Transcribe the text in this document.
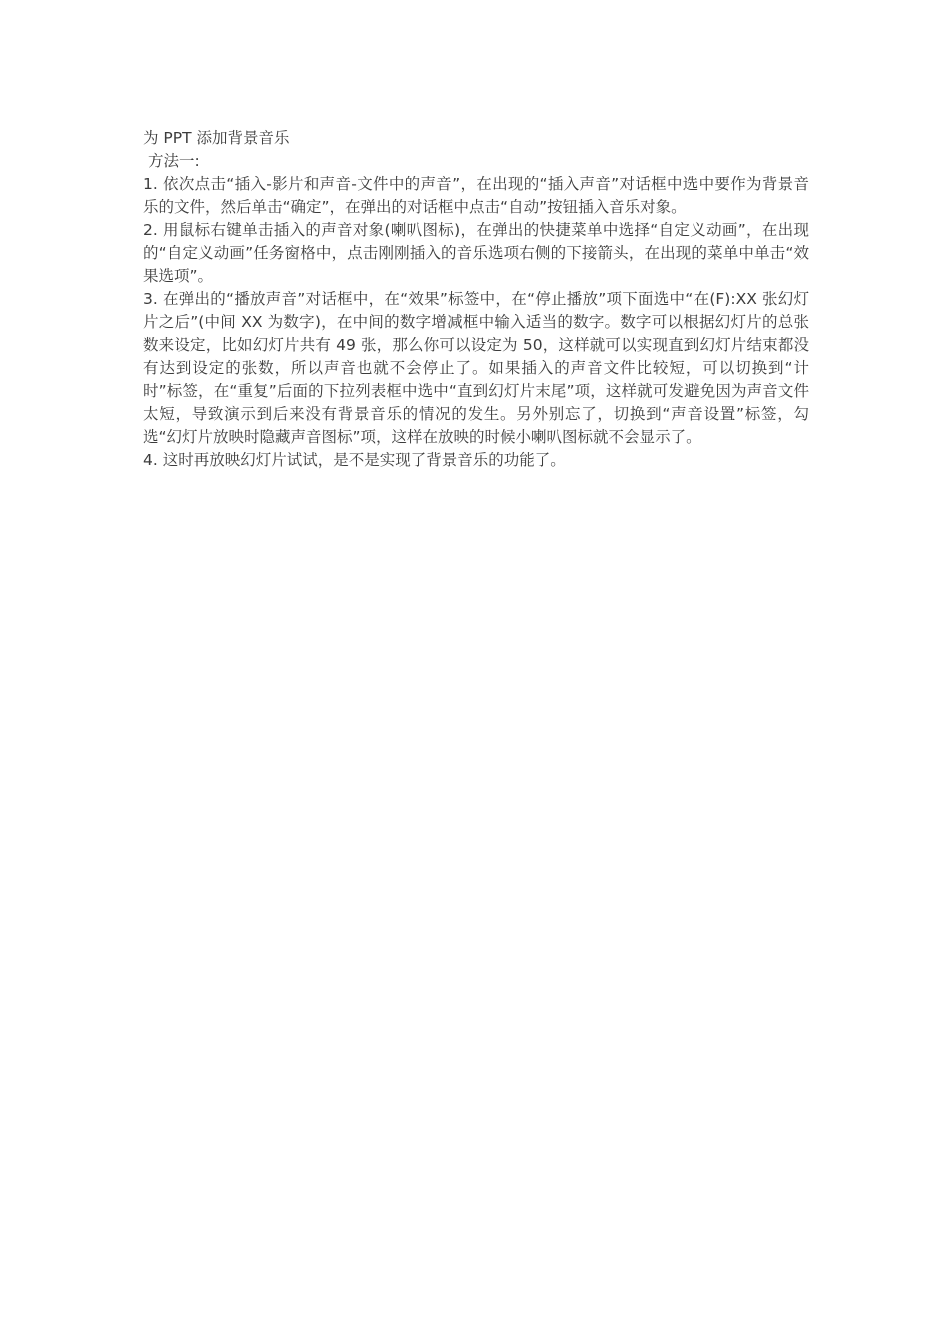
为 PPT 添加背景音乐

方法一:

1. 依次点击“插入-影片和声音-文件中的声音”，在出现的“插入声音”对话框中选中要作为背景音乐的文件，然后单击“确定”，在弹出的对话框中点击“自动”按钮插入音乐对象。

2. 用鼠标右键单击插入的声音对象(喇叭图标)，在弹出的快捷菜单中选择“自定义动画”，在出现的“自定义动画”任务窗格中，点击刚刚插入的音乐选项右侧的下接箭头，在出现的菜单中单击“效果选项”。

3. 在弹出的“播放声音”对话框中，在“效果”标签中，在“停止播放”项下面选中“在(F):XX 张幻灯片之后”(中间 XX 为数字)，在中间的数字增减框中输入适当的数字。数字可以根据幻灯片的总张数来设定，比如幻灯片共有 49 张，那么你可以设定为 50，这样就可以实现直到幻灯片结束都没有达到设定的张数，所以声音也就不会停止了。如果插入的声音文件比较短，可以切换到“计时”标签，在“重复”后面的下拉列表框中选中“直到幻灯片末尾”项，这样就可发避免因为声音文件太短，导致演示到后来没有背景音乐的情况的发生。另外别忘了，切换到“声音设置”标签，勾选“幻灯片放映时隐藏声音图标”项，这样在放映的时候小喇叭图标就不会显示了。

4. 这时再放映幻灯片试试，是不是实现了背景音乐的功能了。
